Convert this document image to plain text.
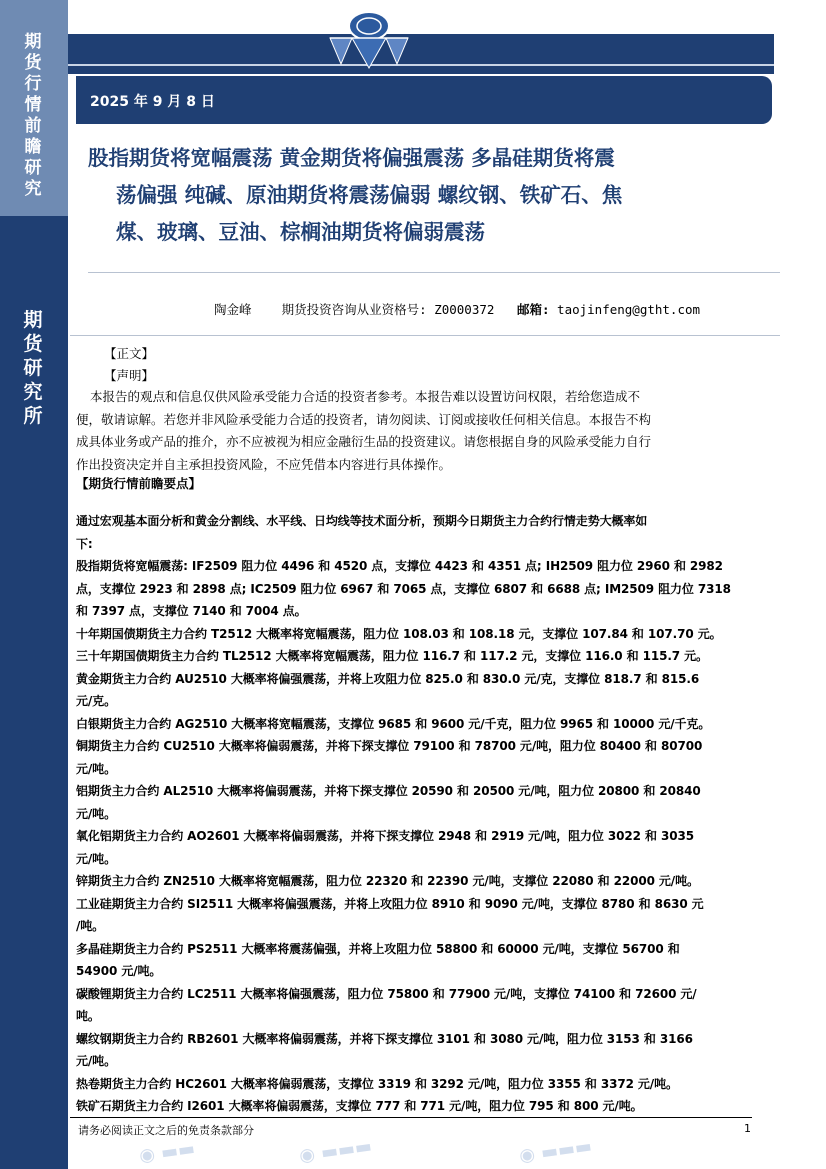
期货行情前瞻研究
期货研究所
2025 年 9 月 8 日
股指期货将宽幅震荡 黄金期货将偏强震荡 多晶硅期货将震
荡偏强 纯碱、原油期货将震荡偏弱 螺纹钢、铁矿石、焦
煤、玻璃、豆油、棕榈油期货将偏弱震荡
陶金峰 期货投资咨询从业资格号: Z0000372 邮箱: taojinfeng@gtht.com
【正文】
【声明】
本报告的观点和信息仅供风险承受能力合适的投资者参考。本报告难以设置访问权限，若给您造成不
便，敬请谅解。若您并非风险承受能力合适的投资者，请勿阅读、订阅或接收任何相关信息。本报告不构
成具体业务或产品的推介，亦不应被视为相应金融衍生品的投资建议。请您根据自身的风险承受能力自行
作出投资决定并自主承担投资风险，不应凭借本内容进行具体操作。
【期货行情前瞻要点】
通过宏观基本面分析和黄金分割线、水平线、日均线等技术面分析，预期今日期货主力合约行情走势大概率如
下:
股指期货将宽幅震荡: IF2509 阻力位 4496 和 4520 点，支撑位 4423 和 4351 点; IH2509 阻力位 2960 和 2982
点，支撑位 2923 和 2898 点; IC2509 阻力位 6967 和 7065 点，支撑位 6807 和 6688 点; IM2509 阻力位 7318
和 7397 点，支撑位 7140 和 7004 点。
十年期国债期货主力合约 T2512 大概率将宽幅震荡，阻力位 108.03 和 108.18 元，支撑位 107.84 和 107.70 元。
三十年期国债期货主力合约 TL2512 大概率将宽幅震荡，阻力位 116.7 和 117.2 元，支撑位 116.0 和 115.7 元。
黄金期货主力合约 AU2510 大概率将偏强震荡，并将上攻阻力位 825.0 和 830.0 元/克，支撑位 818.7 和 815.6
元/克。
白银期货主力合约 AG2510 大概率将宽幅震荡，支撑位 9685 和 9600 元/千克，阻力位 9965 和 10000 元/千克。
铜期货主力合约 CU2510 大概率将偏弱震荡，并将下探支撑位 79100 和 78700 元/吨，阻力位 80400 和 80700
元/吨。
铝期货主力合约 AL2510 大概率将偏弱震荡，并将下探支撑位 20590 和 20500 元/吨，阻力位 20800 和 20840
元/吨。
氧化铝期货主力合约 AO2601 大概率将偏弱震荡，并将下探支撑位 2948 和 2919 元/吨，阻力位 3022 和 3035
元/吨。
锌期货主力合约 ZN2510 大概率将宽幅震荡，阻力位 22320 和 22390 元/吨，支撑位 22080 和 22000 元/吨。
工业硅期货主力合约 SI2511 大概率将偏强震荡，并将上攻阻力位 8910 和 9090 元/吨，支撑位 8780 和 8630 元
/吨。
多晶硅期货主力合约 PS2511 大概率将震荡偏强，并将上攻阻力位 58800 和 60000 元/吨，支撑位 56700 和
54900 元/吨。
碳酸锂期货主力合约 LC2511 大概率将偏强震荡，阻力位 75800 和 77900 元/吨，支撑位 74100 和 72600 元/
吨。
螺纹钢期货主力合约 RB2601 大概率将偏弱震荡，并将下探支撑位 3101 和 3080 元/吨，阻力位 3153 和 3166
元/吨。
热卷期货主力合约 HC2601 大概率将偏弱震荡，支撑位 3319 和 3292 元/吨，阻力位 3355 和 3372 元/吨。
铁矿石期货主力合约 I2601 大概率将偏弱震荡，支撑位 777 和 771 元/吨，阻力位 795 和 800 元/吨。
请务必阅读正文之后的免责条款部分	1
◉ ▬▬	◉ ▬▬▬	◉ ▬▬▬
